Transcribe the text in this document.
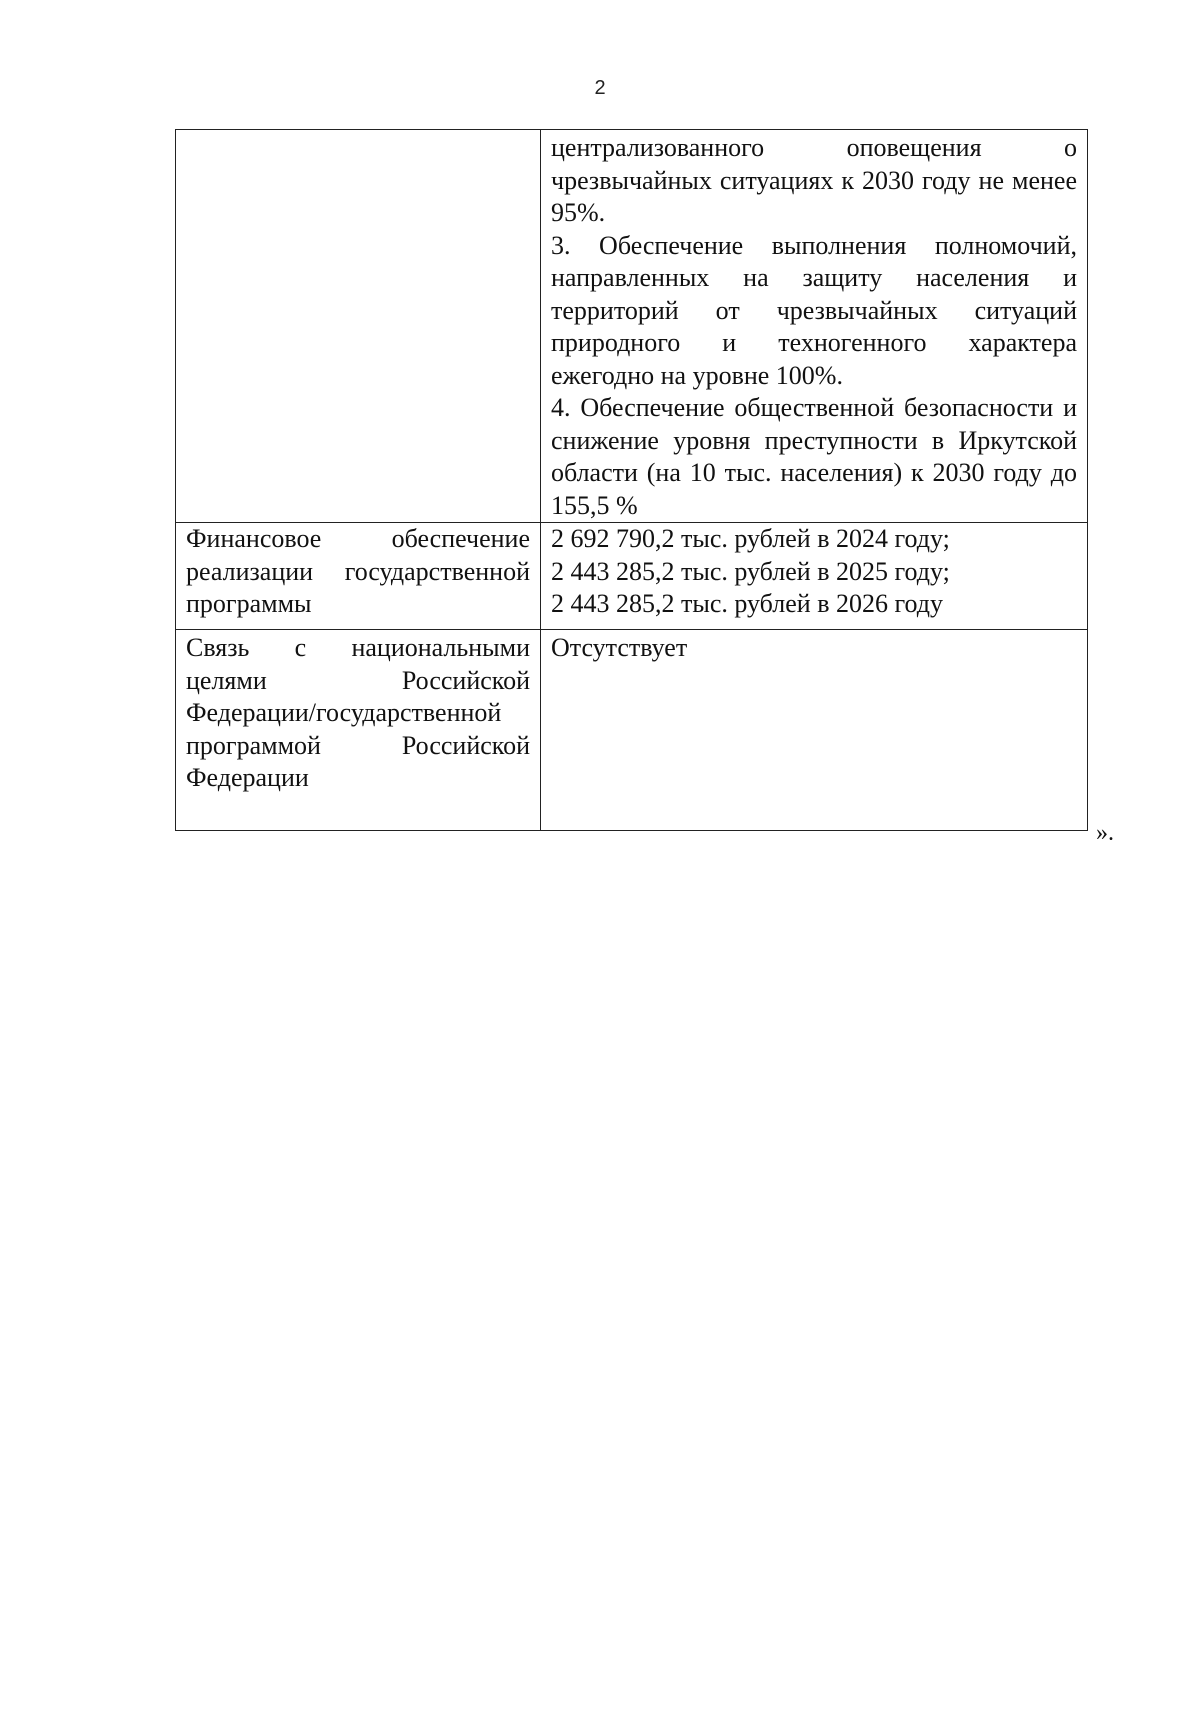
2

	централизованного оповещения о чрезвычайных ситуациях к 2030 году не менее 95%.

3. Обеспечение выполнения полномочий, направленных на защиту населения и территорий от чрезвычайных ситуаций природного и техногенного характера ежегодно на уровне 100%.

4. Обеспечение общественной безопасности и снижение уровня преступности в Иркутской области (на 10 тыс. населения) к 2030 году до 155,5 %

Финансовое обеспечение реализации государственной программы	2 692 790,2 тыс. рублей в 2024 году;
2 443 285,2 тыс. рублей в 2025 году;
2 443 285,2 тыс. рублей в 2026 году

Связь с национальными целями Российской Федерации/государственной программой Российской Федерации	Отсутствует
».
